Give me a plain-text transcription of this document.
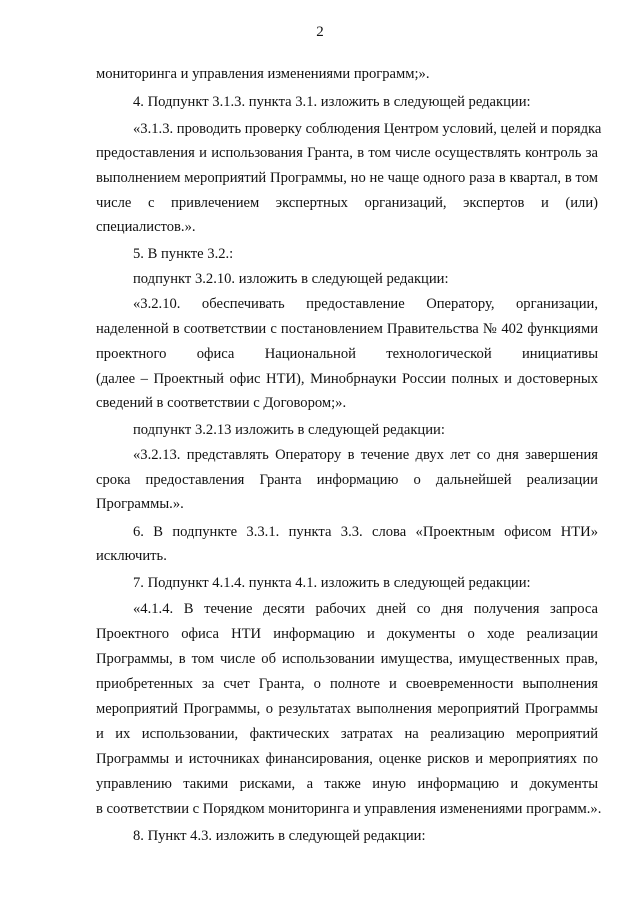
2
мониторинга и управления изменениями программ;».
4. Подпункт 3.1.3. пункта 3.1. изложить в следующей редакции:
«3.1.3. проводить проверку соблюдения Центром условий, целей и порядка
предоставления и использования Гранта, в том числе осуществлять контроль за
выполнением мероприятий Программы, но не чаще одного раза в квартал, в том
числе с привлечением экспертных организаций, экспертов и (или)
специалистов.».
5. В пункте 3.2.:
подпункт 3.2.10. изложить в следующей редакции:
«3.2.10. обеспечивать предоставление Оператору, организации,
наделенной в соответствии с постановлением Правительства № 402 функциями
проектного офиса Национальной технологической инициативы
(далее – Проектный офис НТИ), Минобрнауки России полных и достоверных
сведений в соответствии с Договором;».
подпункт 3.2.13 изложить в следующей редакции:
«3.2.13. представлять Оператору в течение двух лет со дня завершения
срока предоставления Гранта информацию о дальнейшей реализации
Программы.».
6. В подпункте 3.3.1. пункта 3.3. слова «Проектным офисом НТИ»
исключить.
7. Подпункт 4.1.4. пункта 4.1. изложить в следующей редакции:
«4.1.4. В течение десяти рабочих дней со дня получения запроса
Проектного офиса НТИ информацию и документы о ходе реализации
Программы, в том числе об использовании имущества, имущественных прав,
приобретенных за счет Гранта, о полноте и своевременности выполнения
мероприятий Программы, о результатах выполнения мероприятий Программы
и их использовании, фактических затратах на реализацию мероприятий
Программы и источниках финансирования, оценке рисков и мероприятиях по
управлению такими рисками, а также иную информацию и документы
в соответствии с Порядком мониторинга и управления изменениями программ.».
8. Пункт 4.3. изложить в следующей редакции:
